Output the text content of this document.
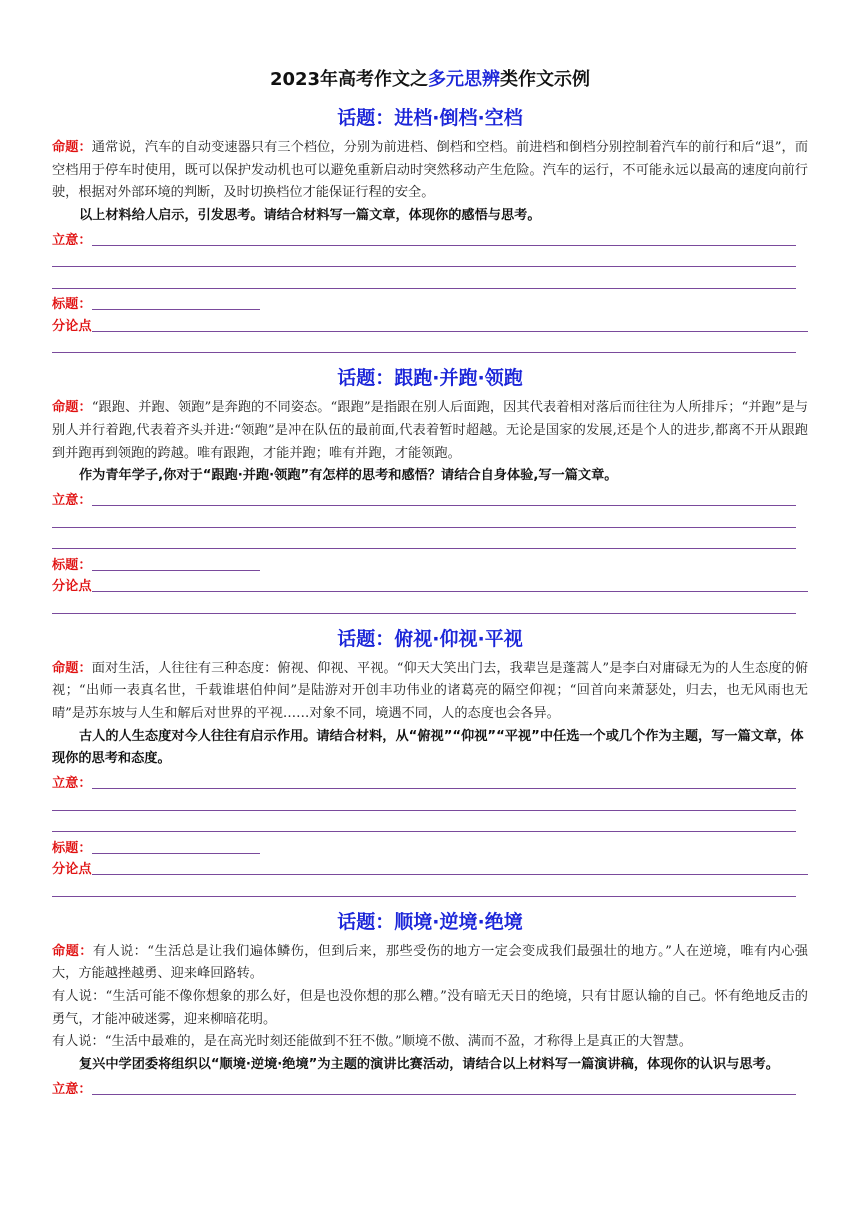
2023年高考作文之多元思辨类作文示例
话题：进档·倒档·空档

命题：通常说，汽车的自动变速器只有三个档位，分别为前进档、倒档和空档。前进档和倒档分别控制着汽车的前行和后“退”，而空档用于停车时使用，既可以保护发动机也可以避免重新启动时突然移动产生危险。汽车的运行，不可能永远以最高的速度向前行驶，根据对外部环境的判断，及时切换档位才能保证行程的安全。

以上材料给人启示，引发思考。请结合材料写一篇文章，体现你的感悟与思考。

立意：
标题：
分论点
话题：跟跑·并跑·领跑

命题：“跟跑、并跑、领跑”是奔跑的不同姿态。“跟跑”是指跟在别人后面跑，因其代表着相对落后而往往为人所排斥；“并跑”是与别人并行着跑,代表着齐头并进:“领跑”是冲在队伍的最前面,代表着暂时超越。无论是国家的发展,还是个人的进步,都离不开从跟跑到并跑再到领跑的跨越。唯有跟跑，才能并跑；唯有并跑，才能领跑。

作为青年学子,你对于“跟跑·并跑·领跑”有怎样的思考和感悟？请结合自身体验,写一篇文章。

立意：
标题：
分论点
话题：俯视·仰视·平视

命题：面对生活，人往往有三种态度：俯视、仰视、平视。“仰天大笑出门去，我辈岂是蓬蒿人”是李白对庸碌无为的人生态度的俯视；“出师一表真名世，千载谁堪伯仲间”是陆游对开创丰功伟业的诸葛亮的隔空仰视；“回首向来萧瑟处，归去，也无风雨也无晴”是苏东坡与人生和解后对世界的平视……对象不同，境遇不同，人的态度也会各异。

古人的人生态度对今人往往有启示作用。请结合材料，从“俯视”“仰视”“平视”中任选一个或几个作为主题，写一篇文章，体现你的思考和态度。

立意：
标题：
分论点
话题：顺境·逆境·绝境

命题：有人说：“生活总是让我们遍体鳞伤，但到后来，那些受伤的地方一定会变成我们最强壮的地方。”人在逆境，唯有内心强大，方能越挫越勇、迎来峰回路转。

有人说：“生活可能不像你想象的那么好，但是也没你想的那么糟。”没有暗无天日的绝境，只有甘愿认输的自己。怀有绝地反击的勇气，才能冲破迷雾，迎来柳暗花明。

有人说：“生活中最难的，是在高光时刻还能做到不狂不傲。”顺境不傲、满而不盈，才称得上是真正的大智慧。

复兴中学团委将组织以“顺境·逆境·绝境”为主题的演讲比赛活动，请结合以上材料写一篇演讲稿，体现你的认识与思考。

立意：
